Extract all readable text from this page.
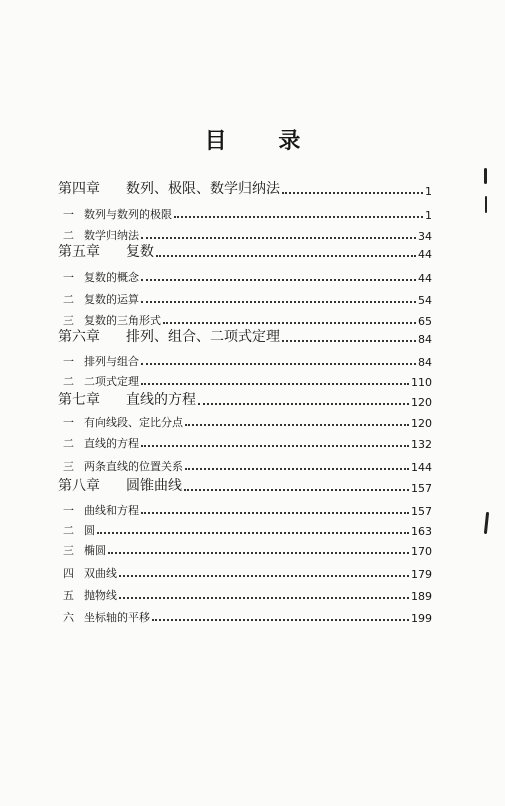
目 录
第四章	数列、极限、数学归纳法	1
一 数列与数列的极限	1
二 数学归纳法	34
第五章	复数	44
一 复数的概念	44
二 复数的运算	54
三 复数的三角形式	65
第六章	排列、组合、二项式定理	84
一 排列与组合	84
二 二项式定理	110
第七章	直线的方程	120
一 有向线段、定比分点	120
二 直线的方程	132
三 两条直线的位置关系	144
第八章	圆锥曲线	157
一 曲线和方程	157
二 圆	163
三 椭圆	170
四 双曲线	179
五 抛物线	189
六 坐标轴的平移	199
